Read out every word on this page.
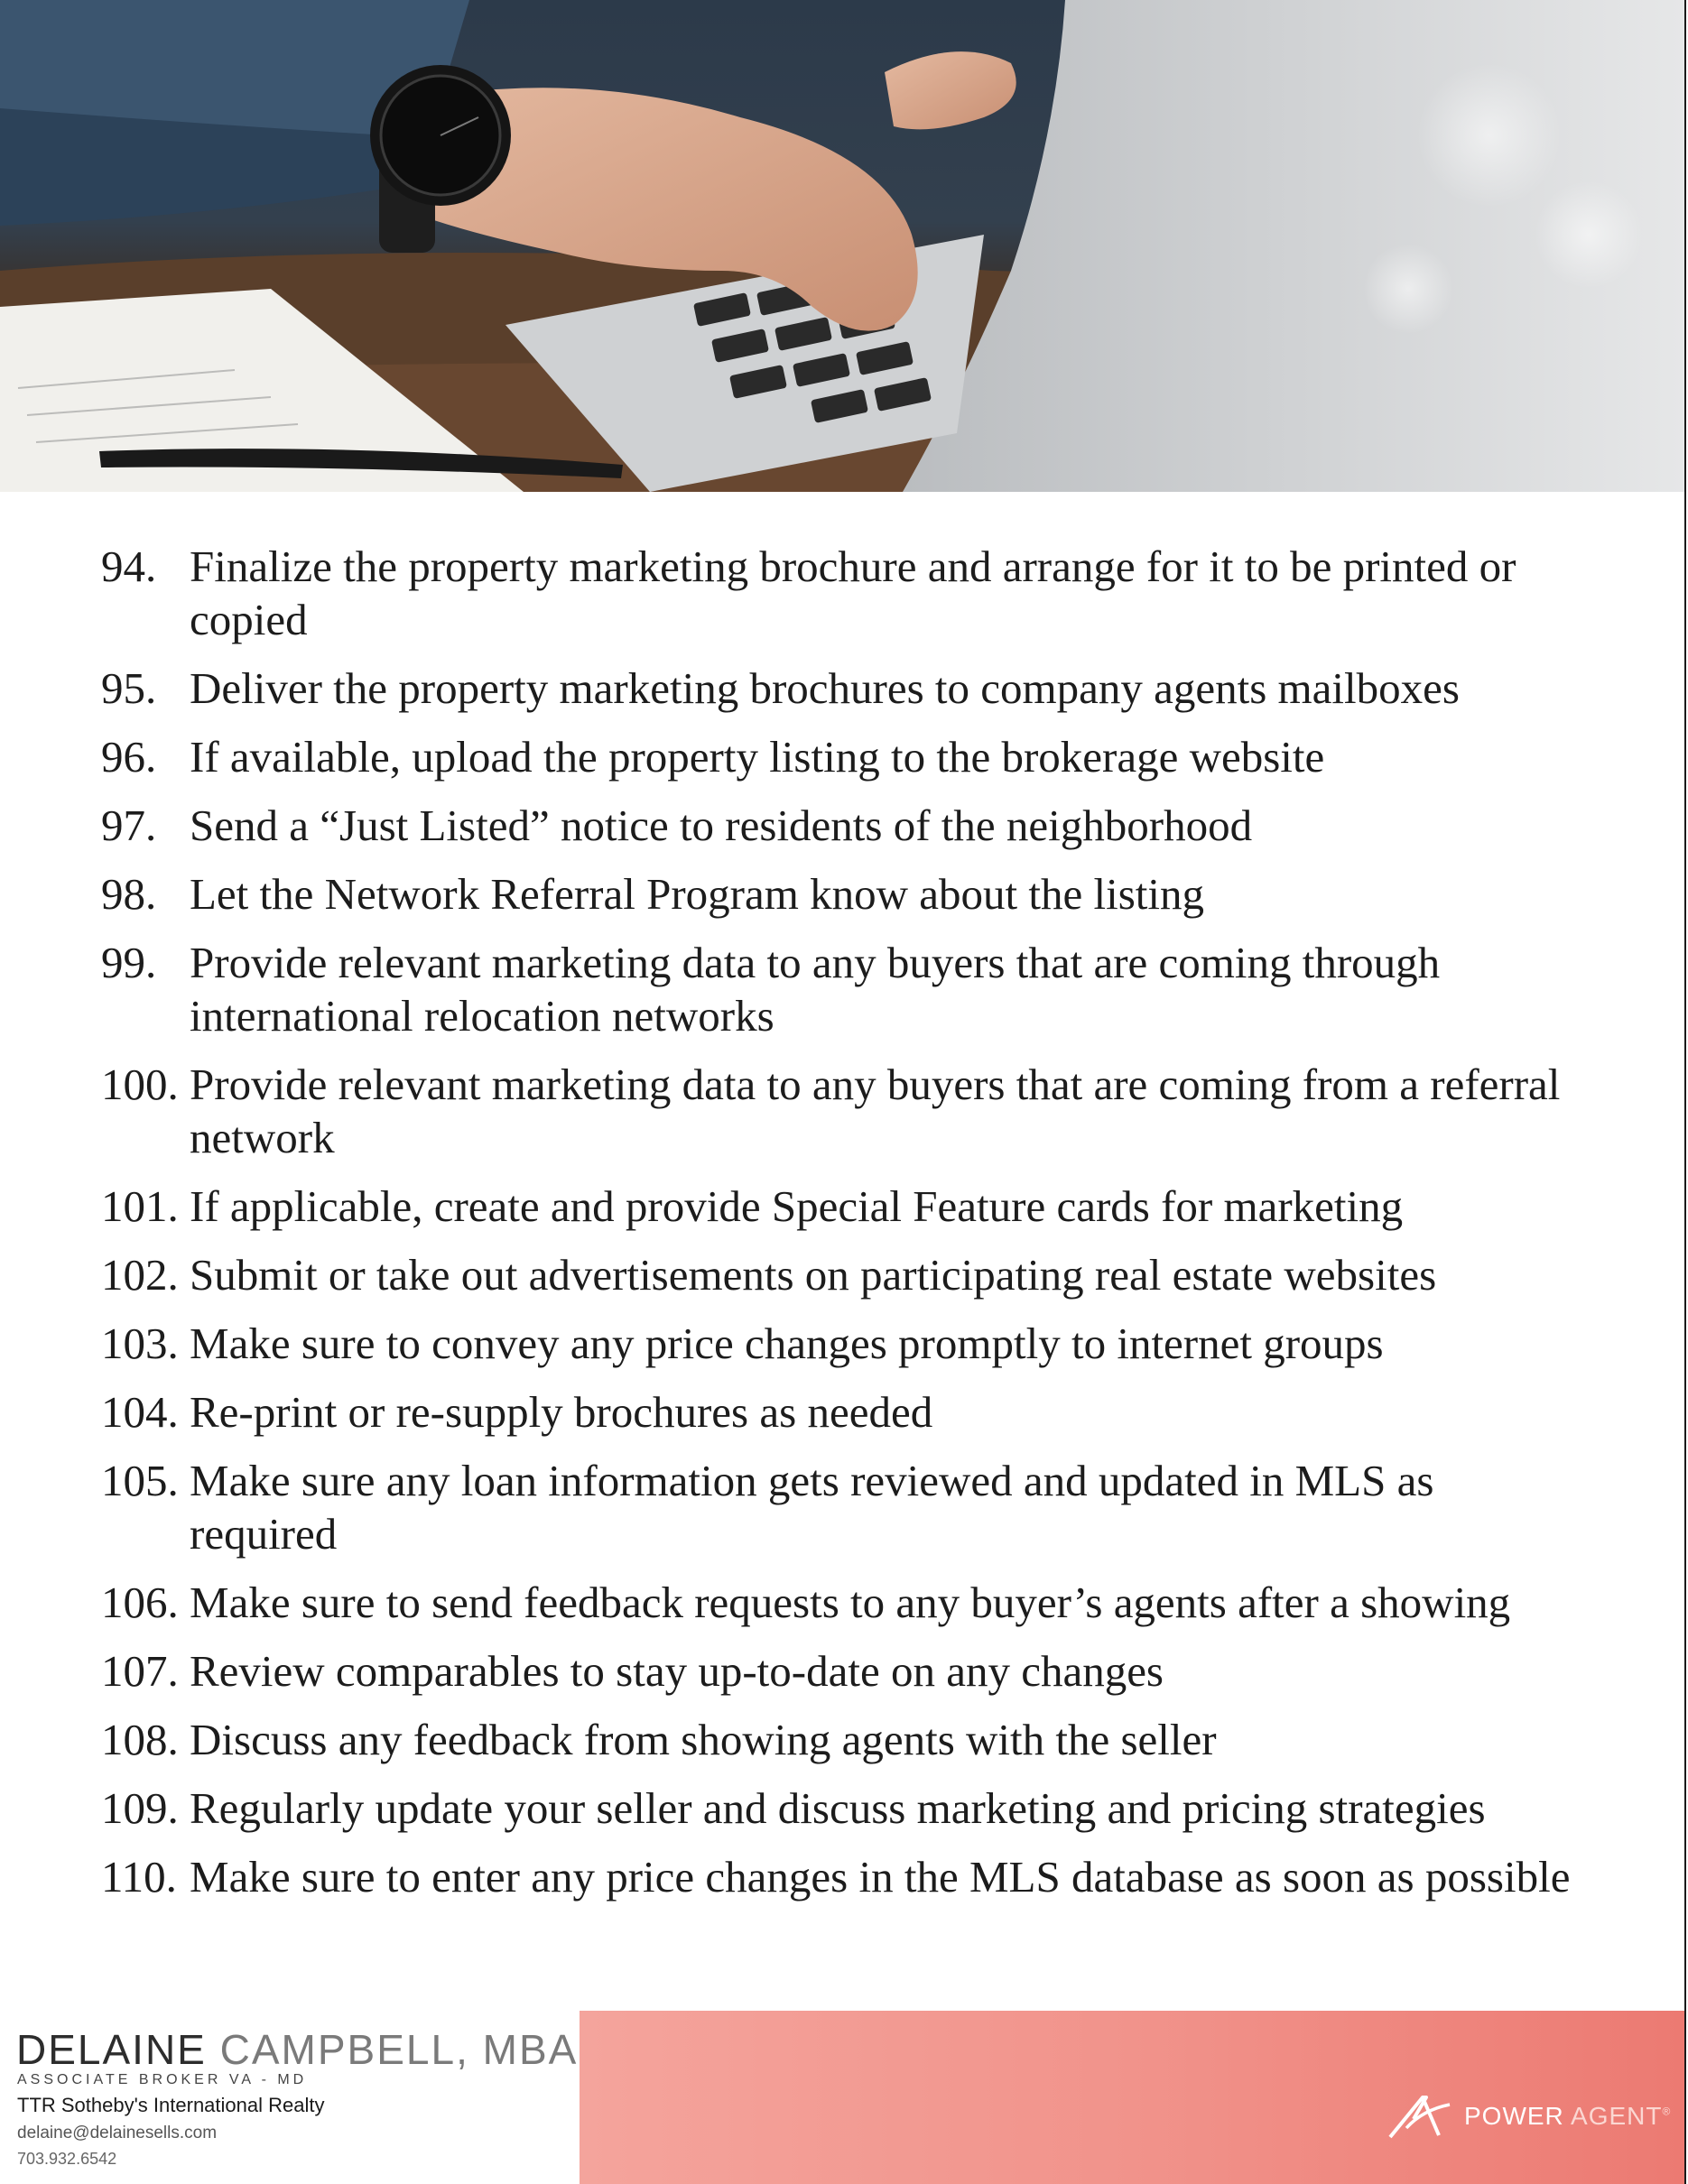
94. Finalize the property marketing brochure and arrange for it to be printed or copied
95. Deliver the property marketing brochures to company agents mailboxes
96. If available, upload the property listing to the brokerage website
97. Send a “Just Listed” notice to residents of the neighborhood
98. Let the Network Referral Program know about the listing
99. Provide relevant marketing data to any buyers that are coming through international relocation networks
100. Provide relevant marketing data to any buyers that are coming from a referral network
101. If applicable, create and provide Special Feature cards for marketing
102. Submit or take out advertisements on participating real estate websites
103. Make sure to convey any price changes promptly to internet groups
104. Re-print or re-supply brochures as needed
105. Make sure any loan information gets reviewed and updated in MLS as required
106. Make sure to send feedback requests to any buyer’s agents after a showing
107. Review comparables to stay up-to-date on any changes
108. Discuss any feedback from showing agents with the seller
109. Regularly update your seller and discuss marketing and pricing strategies
110. Make sure to enter any price changes in the MLS database as soon as possible
DELAINE CAMPBELL, MBA

ASSOCIATE BROKER VA - MD

TTR Sotheby's International Realty

delaine@delainesells.com

703.932.6542

POWER AGENT®
